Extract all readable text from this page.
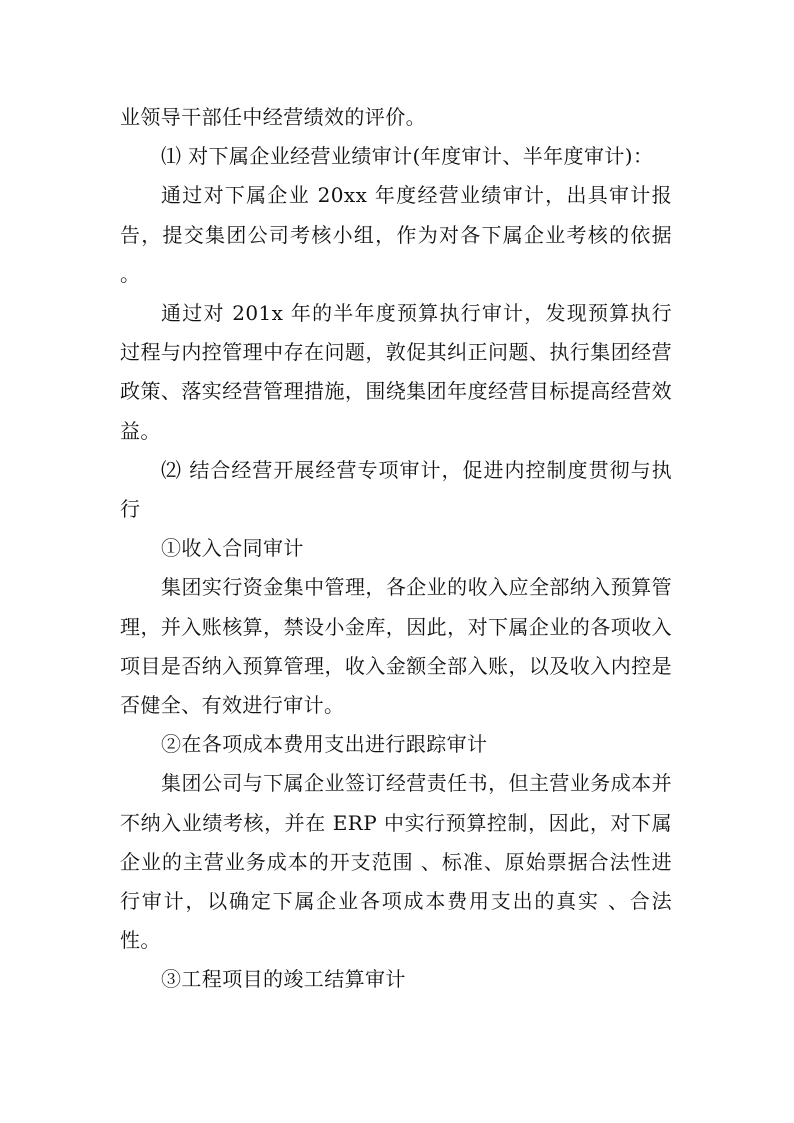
业领导干部任中经营绩效的评价。

⑴ 对下属企业经营业绩审计(年度审计、半年度审计)：

通过对下属企业 20xx 年度经营业绩审计，出具审计报告，提交集团公司考核小组，作为对各下属企业考核的依据 。

通过对 201x 年的半年度预算执行审计，发现预算执行过程与内控管理中存在问题，敦促其纠正问题、执行集团经营政策、落实经营管理措施，围绕集团年度经营目标提高经营效益。

⑵ 结合经营开展经营专项审计，促进内控制度贯彻与执行

①收入合同审计

集团实行资金集中管理，各企业的收入应全部纳入预算管理，并入账核算，禁设小金库，因此，对下属企业的各项收入项目是否纳入预算管理，收入金额全部入账，以及收入内控是否健全、有效进行审计。

②在各项成本费用支出进行跟踪审计

集团公司与下属企业签订经营责任书，但主营业务成本并不纳入业绩考核，并在 ERP 中实行预算控制，因此，对下属企业的主营业务成本的开支范围 、标准、原始票据合法性进行审计，以确定下属企业各项成本费用支出的真实 、合法性。

③工程项目的竣工结算审计
